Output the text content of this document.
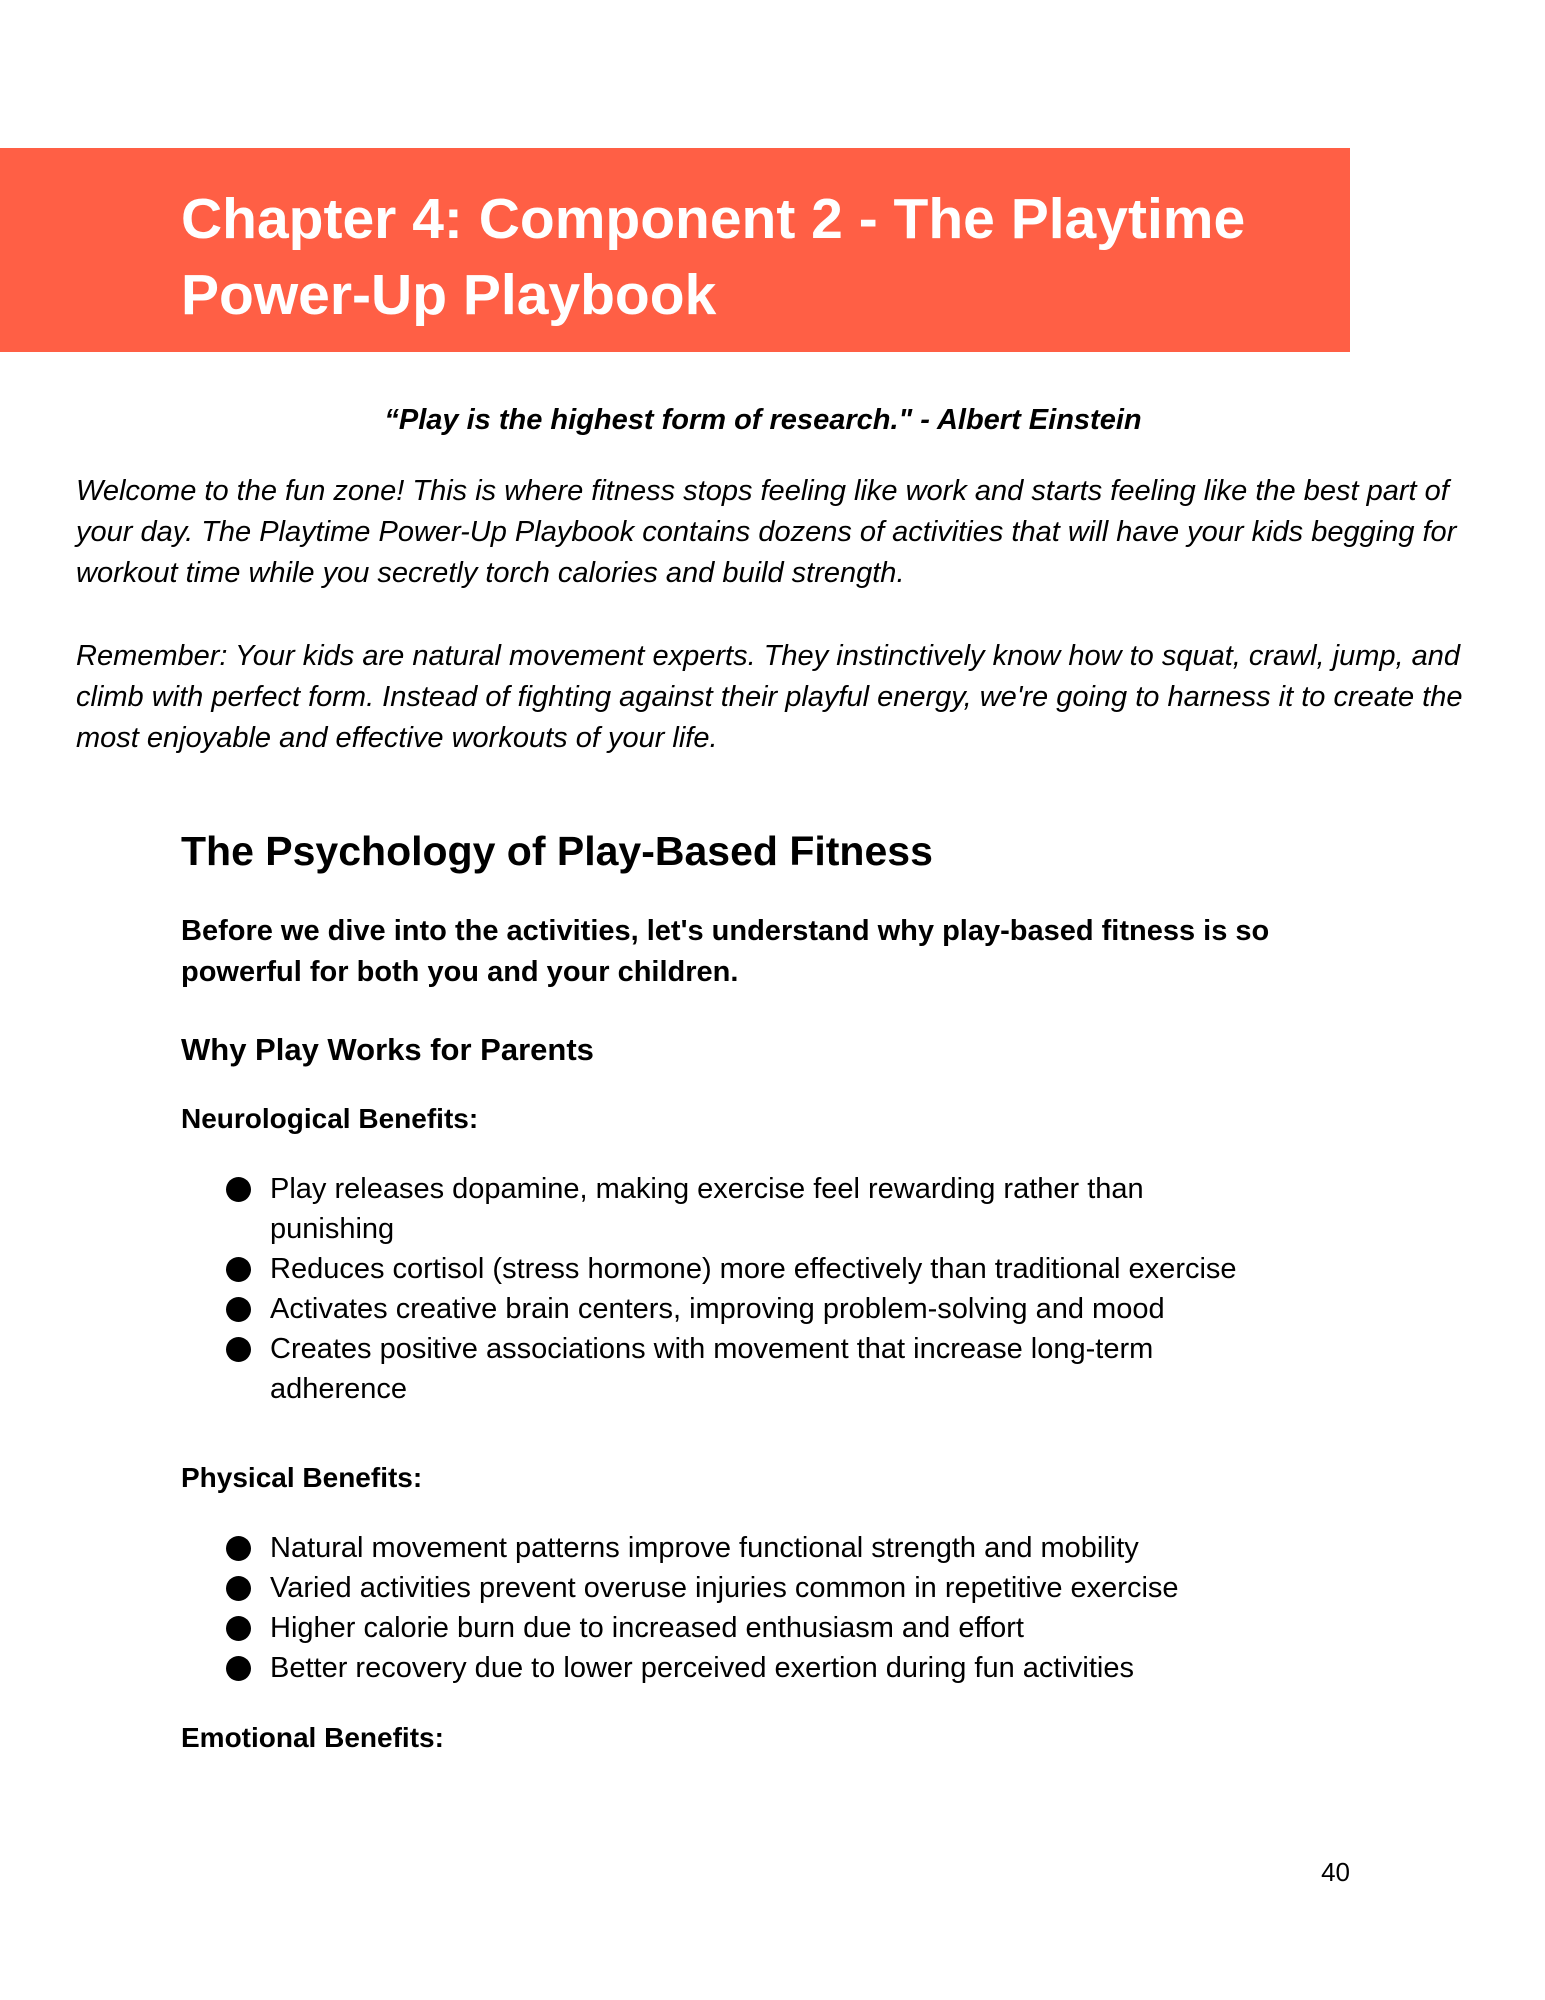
Chapter 4: Component 2 - The Playtime Power-Up Playbook
“Play is the highest form of research." - Albert Einstein

Welcome to the fun zone! This is where fitness stops feeling like work and starts feeling like the best part of your day. The Playtime Power-Up Playbook contains dozens of activities that will have your kids begging for workout time while you secretly torch calories and build strength.

Remember: Your kids are natural movement experts. They instinctively know how to squat, crawl, jump, and climb with perfect form. Instead of fighting against their playful energy, we're going to harness it to create the most enjoyable and effective workouts of your life.

The Psychology of Play-Based Fitness

Before we dive into the activities, let's understand why play-based fitness is so powerful for both you and your children.

Why Play Works for Parents
Neurological Benefits:
Play releases dopamine, making exercise feel rewarding rather than punishing
Reduces cortisol (stress hormone) more effectively than traditional exercise
Activates creative brain centers, improving problem-solving and mood
Creates positive associations with movement that increase long-term adherence
Physical Benefits:
Natural movement patterns improve functional strength and mobility
Varied activities prevent overuse injuries common in repetitive exercise
Higher calorie burn due to increased enthusiasm and effort
Better recovery due to lower perceived exertion during fun activities
Emotional Benefits:
40
